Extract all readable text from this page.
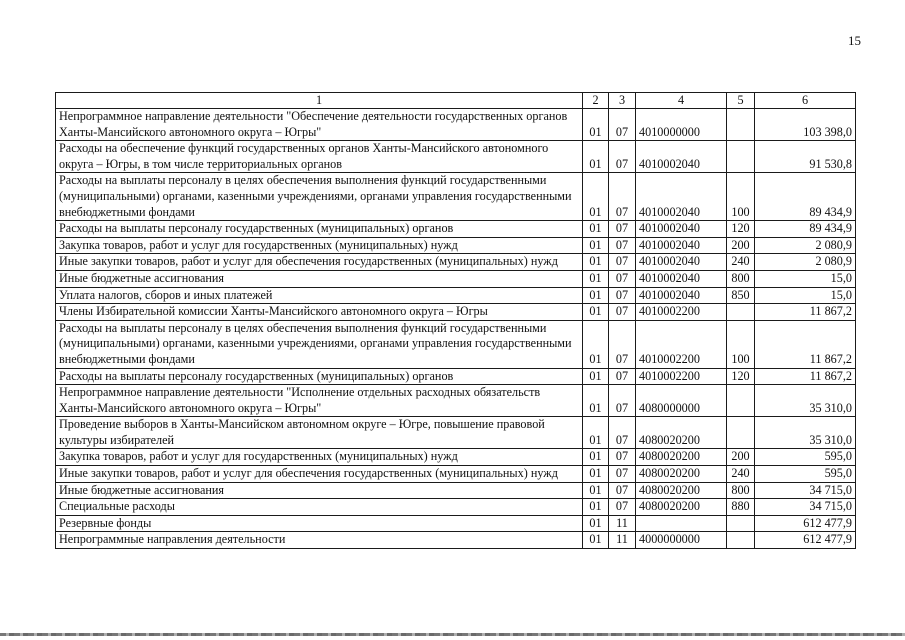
15
1	2	3	4	5	6
Непрограммное направление деятельности "Обеспечение деятельности государственных органов Ханты-Мансийского автономного округа – Югры"	01	07	4010000000		103 398,0
Расходы на обеспечение функций государственных органов Ханты-Мансийского автономного округа – Югры, в том числе территориальных органов	01	07	4010002040		91 530,8
Расходы на выплаты персоналу в целях обеспечения выполнения функций государственными (муниципальными) органами, казенными учреждениями, органами управления государственными внебюджетными фондами	01	07	4010002040	100	89 434,9
Расходы на выплаты персоналу государственных (муниципальных) органов	01	07	4010002040	120	89 434,9
Закупка товаров, работ и услуг для государственных (муниципальных) нужд	01	07	4010002040	200	2 080,9
Иные закупки товаров, работ и услуг для обеспечения государственных (муниципальных) нужд	01	07	4010002040	240	2 080,9
Иные бюджетные ассигнования	01	07	4010002040	800	15,0
Уплата налогов, сборов и иных платежей	01	07	4010002040	850	15,0
Члены Избирательной комиссии Ханты-Мансийского автономного округа – Югры	01	07	4010002200		11 867,2
Расходы на выплаты персоналу в целях обеспечения выполнения функций государственными (муниципальными) органами, казенными учреждениями, органами управления государственными внебюджетными фондами	01	07	4010002200	100	11 867,2
Расходы на выплаты персоналу государственных (муниципальных) органов	01	07	4010002200	120	11 867,2
Непрограммное направление деятельности "Исполнение отдельных расходных обязательств Ханты-Мансийского автономного округа – Югры"	01	07	4080000000		35 310,0
Проведение выборов в Ханты-Мансийском автономном округе – Югре, повышение правовой культуры избирателей	01	07	4080020200		35 310,0
Закупка товаров, работ и услуг для государственных (муниципальных) нужд	01	07	4080020200	200	595,0
Иные закупки товаров, работ и услуг для обеспечения государственных (муниципальных) нужд	01	07	4080020200	240	595,0
Иные бюджетные ассигнования	01	07	4080020200	800	34 715,0
Специальные расходы	01	07	4080020200	880	34 715,0
Резервные фонды	01	11			612 477,9
Непрограммные направления деятельности	01	11	4000000000		612 477,9
